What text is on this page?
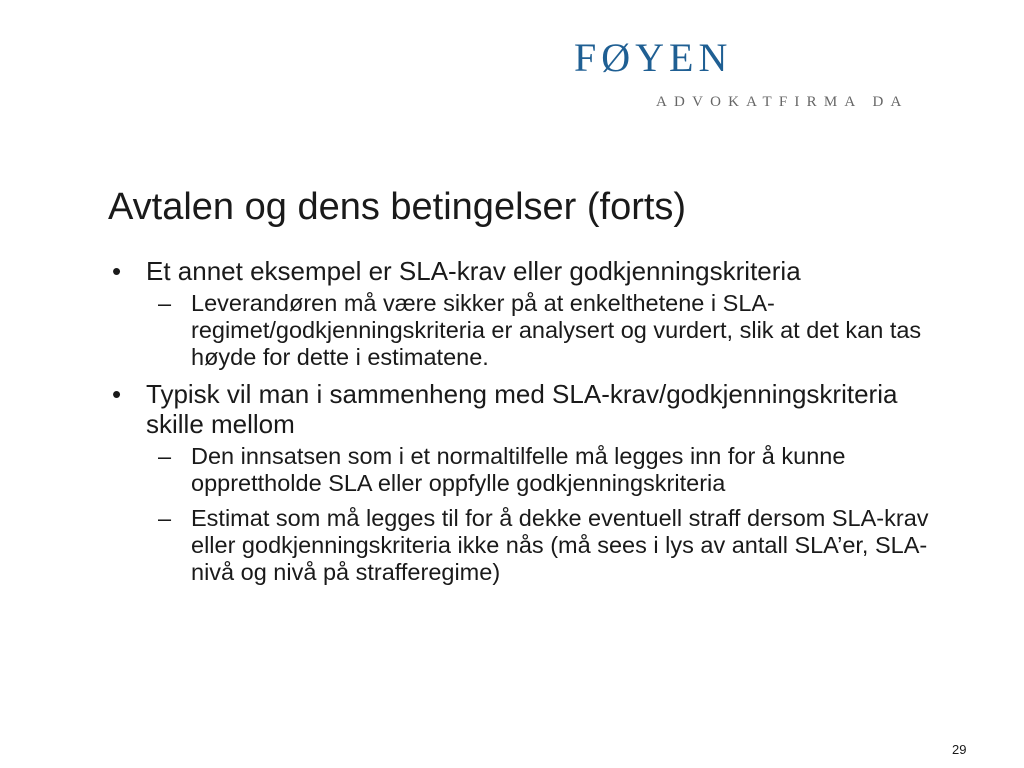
FØYEN
ADVOKATFIRMA DA
Avtalen og dens betingelser (forts)
• Et annet eksempel er SLA-krav eller godkjenningskriteria
– Leverandøren må være sikker på at enkelthetene i SLA-regimet/godkjenningskriteria er analysert og vurdert, slik at det kan tas høyde for dette i estimatene.
• Typisk vil man i sammenheng med SLA-krav/godkjenningskriteria skille mellom
– Den innsatsen som i et normaltilfelle må legges inn for å kunne opprettholde SLA eller oppfylle godkjenningskriteria
– Estimat som må legges til for å dekke eventuell straff dersom SLA-krav eller godkjenningskriteria ikke nås (må sees i lys av antall SLA’er, SLA-nivå og nivå på strafferegime)
29
